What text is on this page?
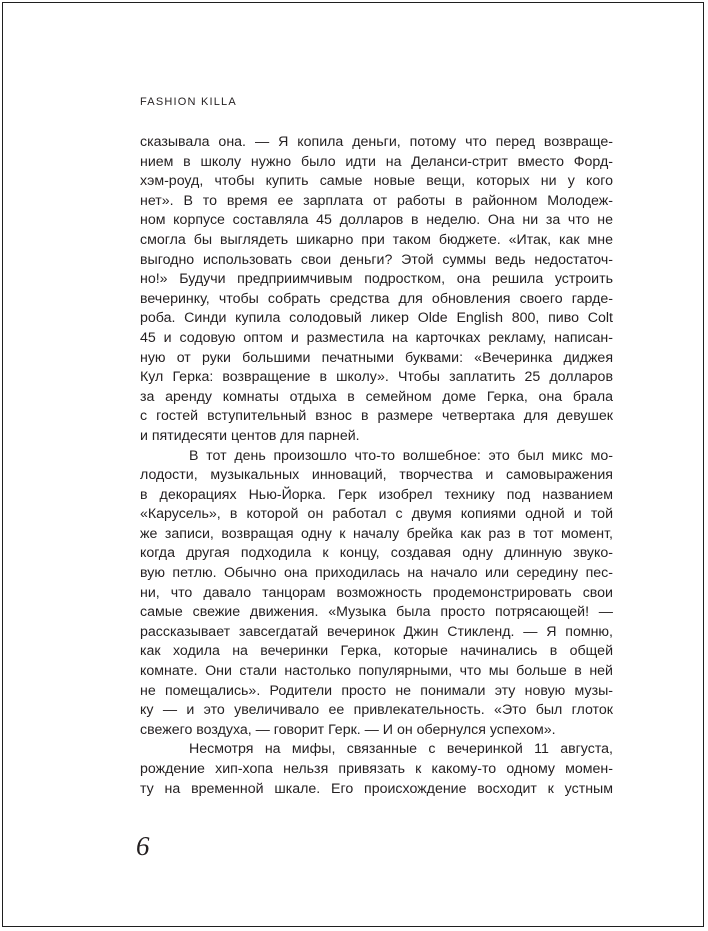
FASHION KILLA
сказывала она. — Я копила деньги, потому что перед возвраще-
нием в школу нужно было идти на Деланси-стрит вместо Форд-
хэм-роуд, чтобы купить самые новые вещи, которых ни у кого
нет». В то время ее зарплата от работы в районном Молодеж-
ном корпусе составляла 45 долларов в неделю. Она ни за что не
смогла бы выглядеть шикарно при таком бюджете. «Итак, как мне
выгодно использовать свои деньги? Этой суммы ведь недостаточ-
но!» Будучи предприимчивым подростком, она решила устроить
вечеринку, чтобы собрать средства для обновления своего гарде-
роба. Синди купила солодовый ликер Olde English 800, пиво Colt
45 и содовую оптом и разместила на карточках рекламу, написан-
ную от руки большими печатными буквами: «Вечеринка диджея
Кул Герка: возвращение в школу». Чтобы заплатить 25 долларов
за аренду комнаты отдыха в семейном доме Герка, она брала
с гостей вступительный взнос в размере четвертака для девушек
и пятидесяти центов для парней.
В тот день произошло что-то волшебное: это был микс мо-
лодости, музыкальных инноваций, творчества и самовыражения
в декорациях Нью-Йорка. Герк изобрел технику под названием
«Карусель», в которой он работал с двумя копиями одной и той
же записи, возвращая одну к началу брейка как раз в тот момент,
когда другая подходила к концу, создавая одну длинную звуко-
вую петлю. Обычно она приходилась на начало или середину пес-
ни, что давало танцорам возможность продемонстрировать свои
самые свежие движения. «Музыка была просто потрясающей! —
рассказывает завсегдатай вечеринок Джин Стикленд. — Я помню,
как ходила на вечеринки Герка, которые начинались в общей
комнате. Они стали настолько популярными, что мы больше в ней
не помещались». Родители просто не понимали эту новую музы-
ку — и это увеличивало ее привлекательность. «Это был глоток
свежего воздуха, — говорит Герк. — И он обернулся успехом».
Несмотря на мифы, связанные с вечеринкой 11 августа,
рождение хип-хопа нельзя привязать к какому-то одному момен-
ту на временной шкале. Его происхождение восходит к устным
6
